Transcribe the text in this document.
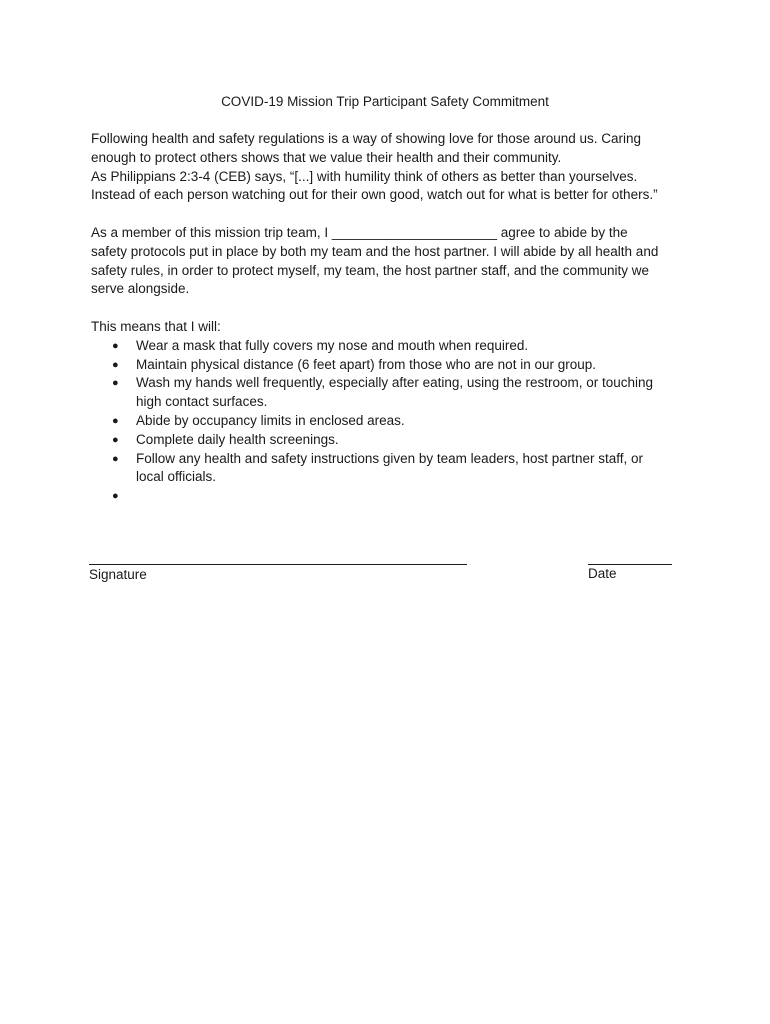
COVID-19 Mission Trip Participant Safety Commitment

Following health and safety regulations is a way of showing love for those around us. Caring

enough to protect others shows that we value their health and their community.

As Philippians 2:3-4 (CEB) says, “[...] with humility think of others as better than yourselves.

Instead of each person watching out for their own good, watch out for what is better for others.”

As a member of this mission trip team, I ______________________ agree to abide by the

safety protocols put in place by both my team and the host partner. I will abide by all health and

safety rules, in order to protect myself, my team, the host partner staff, and the community we

serve alongside.

This means that I will:

● Wear a mask that fully covers my nose and mouth when required.
● Maintain physical distance (6 feet apart) from those who are not in our group.
● Wash my hands well frequently, especially after eating, using the restroom, or touching
high contact surfaces.
● Abide by occupancy limits in enclosed areas.
● Complete daily health screenings.
● Follow any health and safety instructions given by team leaders, host partner staff, or
local officials.
●
Signature	Date
